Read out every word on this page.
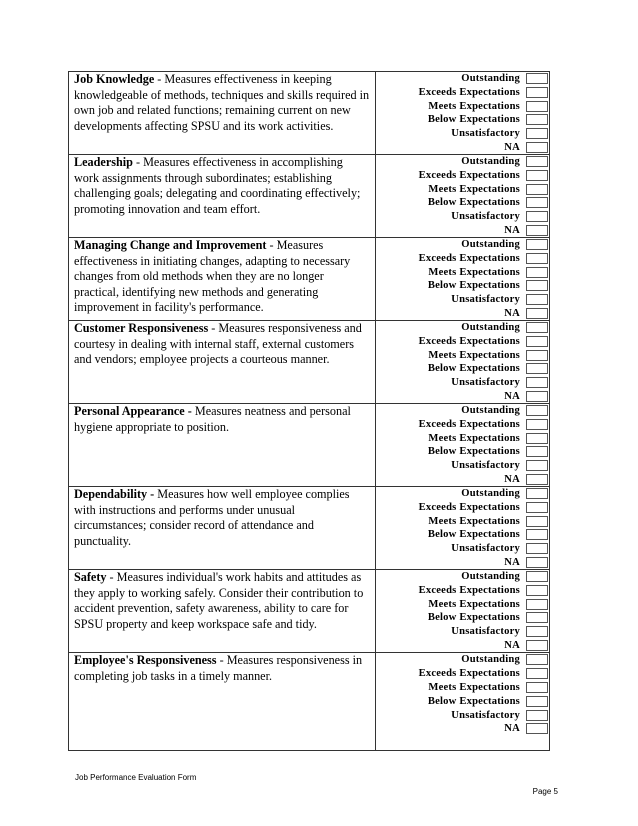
Job Knowledge - Measures effectiveness in keeping knowledgeable of methods, techniques and skills required in own job and related functions; remaining current on new developments affecting SPSU and its work activities.
Outstanding
Exceeds Expectations
Meets Expectations
Below Expectations
Unsatisfactory
NA
Leadership - Measures effectiveness in accomplishing work assignments through subordinates; establishing challenging goals; delegating and coordinating effectively; promoting innovation and team effort.
Outstanding
Exceeds Expectations
Meets Expectations
Below Expectations
Unsatisfactory
NA
Managing Change and Improvement - Measures effectiveness in initiating changes, adapting to necessary changes from old methods when they are no longer practical, identifying new methods and generating improvement in facility's performance.
Outstanding
Exceeds Expectations
Meets Expectations
Below Expectations
Unsatisfactory
NA
Customer Responsiveness - Measures responsiveness and courtesy in dealing with internal staff, external customers and vendors; employee projects a courteous manner.
Outstanding
Exceeds Expectations
Meets Expectations
Below Expectations
Unsatisfactory
NA
Personal Appearance - Measures neatness and personal hygiene appropriate to position.
Outstanding
Exceeds Expectations
Meets Expectations
Below Expectations
Unsatisfactory
NA
Dependability - Measures how well employee complies with instructions and performs under unusual circumstances; consider record of attendance and punctuality.
Outstanding
Exceeds Expectations
Meets Expectations
Below Expectations
Unsatisfactory
NA
Safety - Measures individual's work habits and attitudes as they apply to working safely. Consider their contribution to accident prevention, safety awareness, ability to care for SPSU property and keep workspace safe and tidy.
Outstanding
Exceeds Expectations
Meets Expectations
Below Expectations
Unsatisfactory
NA
Employee's Responsiveness - Measures responsiveness in completing job tasks in a timely manner.
Outstanding
Exceeds Expectations
Meets Expectations
Below Expectations
Unsatisfactory
NA
Job Performance Evaluation Form
Page 5
